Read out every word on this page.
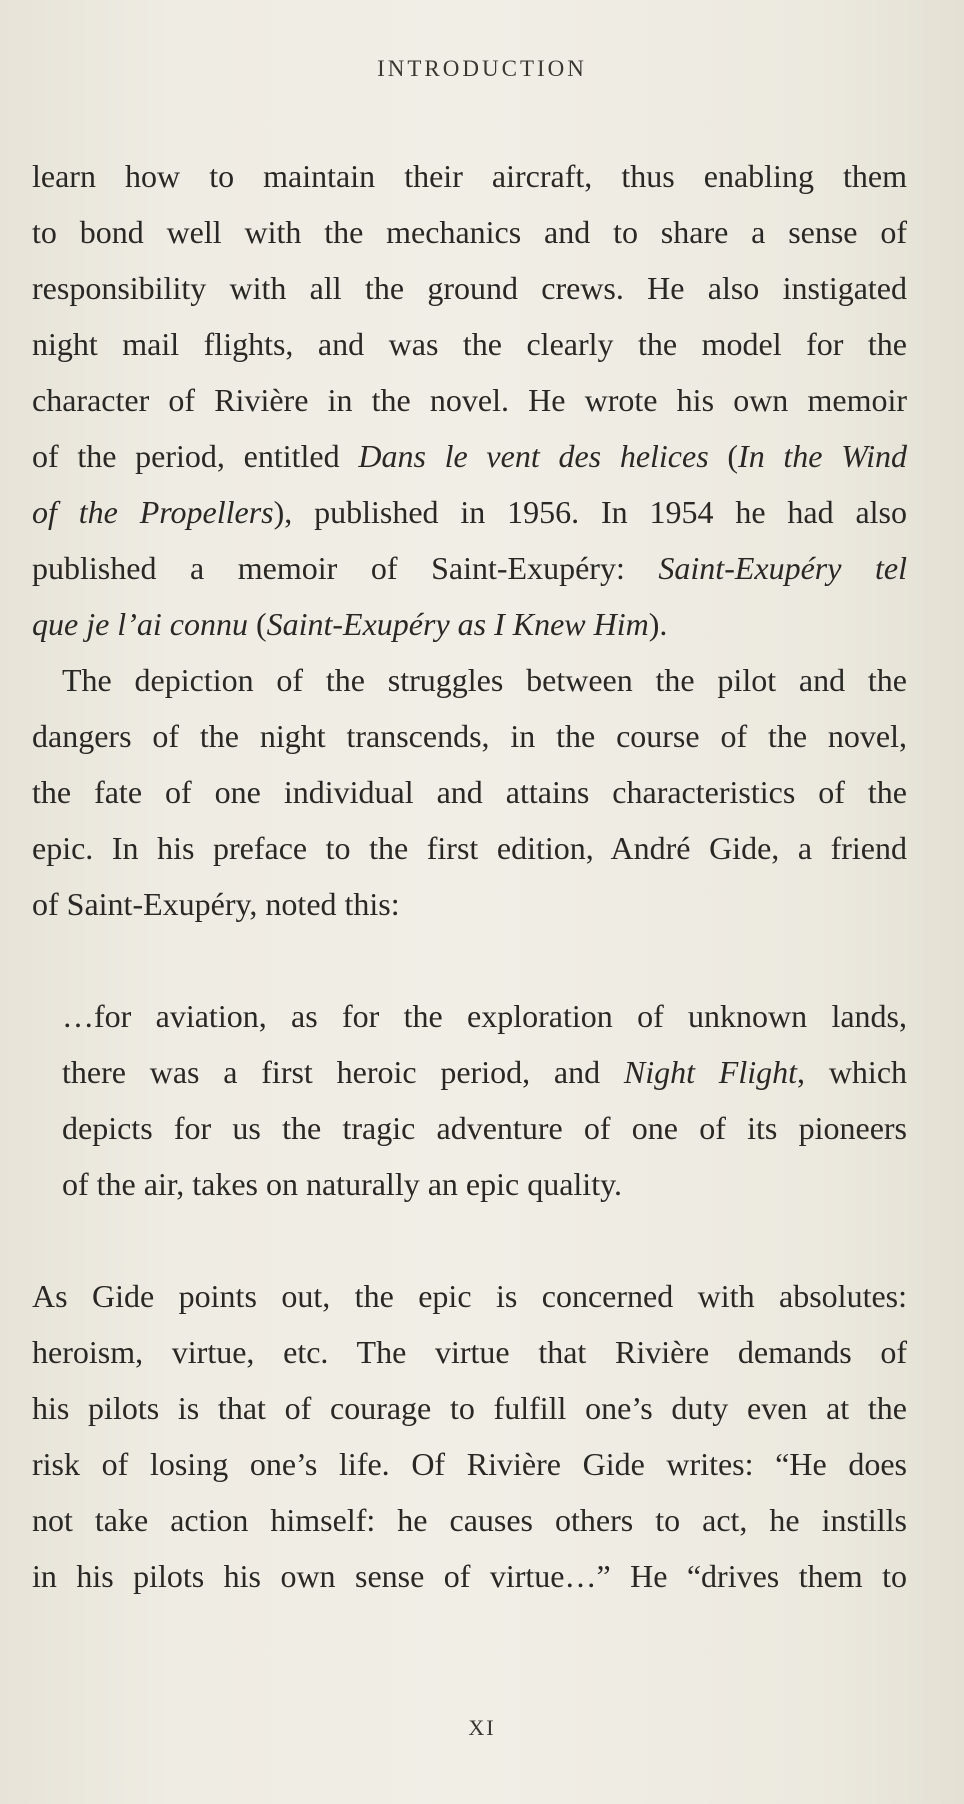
INTRODUCTION
learn how to maintain their aircraft, thus enabling them
to bond well with the mechanics and to share a sense of
responsibility with all the ground crews. He also instigated
night mail flights, and was the clearly the model for the
character of Rivière in the novel. He wrote his own memoir
of the period, entitled Dans le vent des helices (In the Wind
of the Propellers), published in 1956. In 1954 he had also
published a memoir of Saint-Exupéry: Saint-Exupéry tel
que je l’ai connu (Saint-Exupéry as I Knew Him).
The depiction of the struggles between the pilot and the
dangers of the night transcends, in the course of the novel,
the fate of one individual and attains characteristics of the
epic. In his preface to the first edition, André Gide, a friend
of Saint-Exupéry, noted this:
…for aviation, as for the exploration of unknown lands,
there was a first heroic period, and Night Flight, which
depicts for us the tragic adventure of one of its pioneers
of the air, takes on naturally an epic quality.
As Gide points out, the epic is concerned with absolutes:
heroism, virtue, etc. The virtue that Rivière demands of
his pilots is that of courage to fulfill one’s duty even at the
risk of losing one’s life. Of Rivière Gide writes: “He does
not take action himself: he causes others to act, he instills
in his pilots his own sense of virtue…” He “drives them to
XI
